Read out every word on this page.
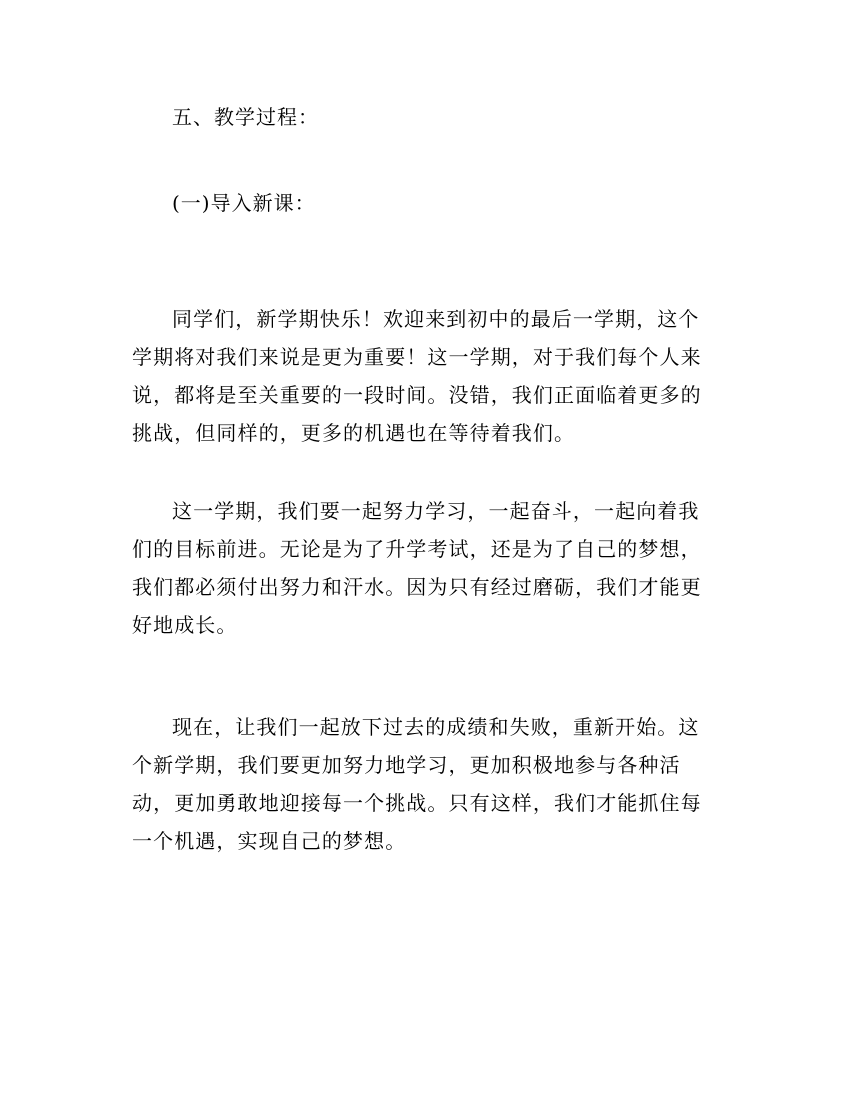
五、教学过程：
(一)导入新课：
同学们，新学期快乐！欢迎来到初中的最后一学期，这个
学期将对我们来说是更为重要！这一学期，对于我们每个人来
说，都将是至关重要的一段时间。没错，我们正面临着更多的
挑战，但同样的，更多的机遇也在等待着我们。
这一学期，我们要一起努力学习，一起奋斗，一起向着我
们的目标前进。无论是为了升学考试，还是为了自己的梦想，
我们都必须付出努力和汗水。因为只有经过磨砺，我们才能更
好地成长。
现在，让我们一起放下过去的成绩和失败，重新开始。这
个新学期，我们要更加努力地学习，更加积极地参与各种活
动，更加勇敢地迎接每一个挑战。只有这样，我们才能抓住每
一个机遇，实现自己的梦想。
